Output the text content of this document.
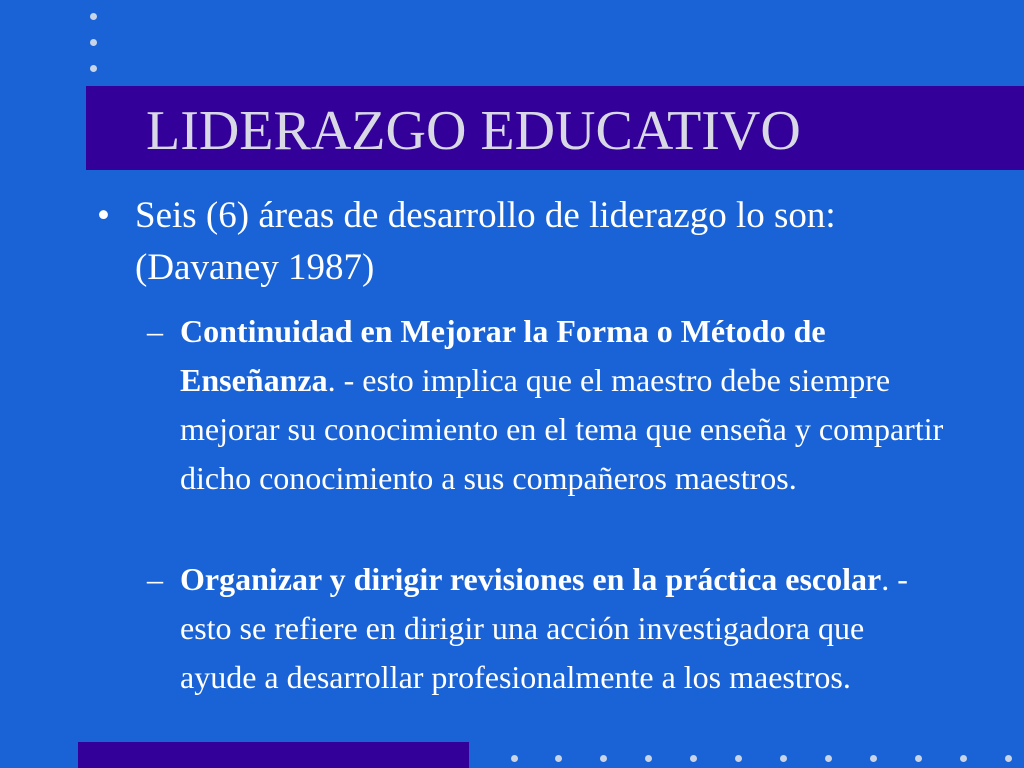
LIDERAZGO EDUCATIVO
• Seis (6) áreas de desarrollo de liderazgo lo son: (Davaney 1987)
– Continuidad en Mejorar la Forma o Método de Enseñanza. - esto implica que el maestro debe siempre mejorar su conocimiento en el tema que enseña y compartir dicho conocimiento a sus compañeros maestros.
– Organizar y dirigir revisiones en la práctica escolar. - esto se refiere en dirigir una acción investigadora que ayude a desarrollar profesionalmente a los maestros.
